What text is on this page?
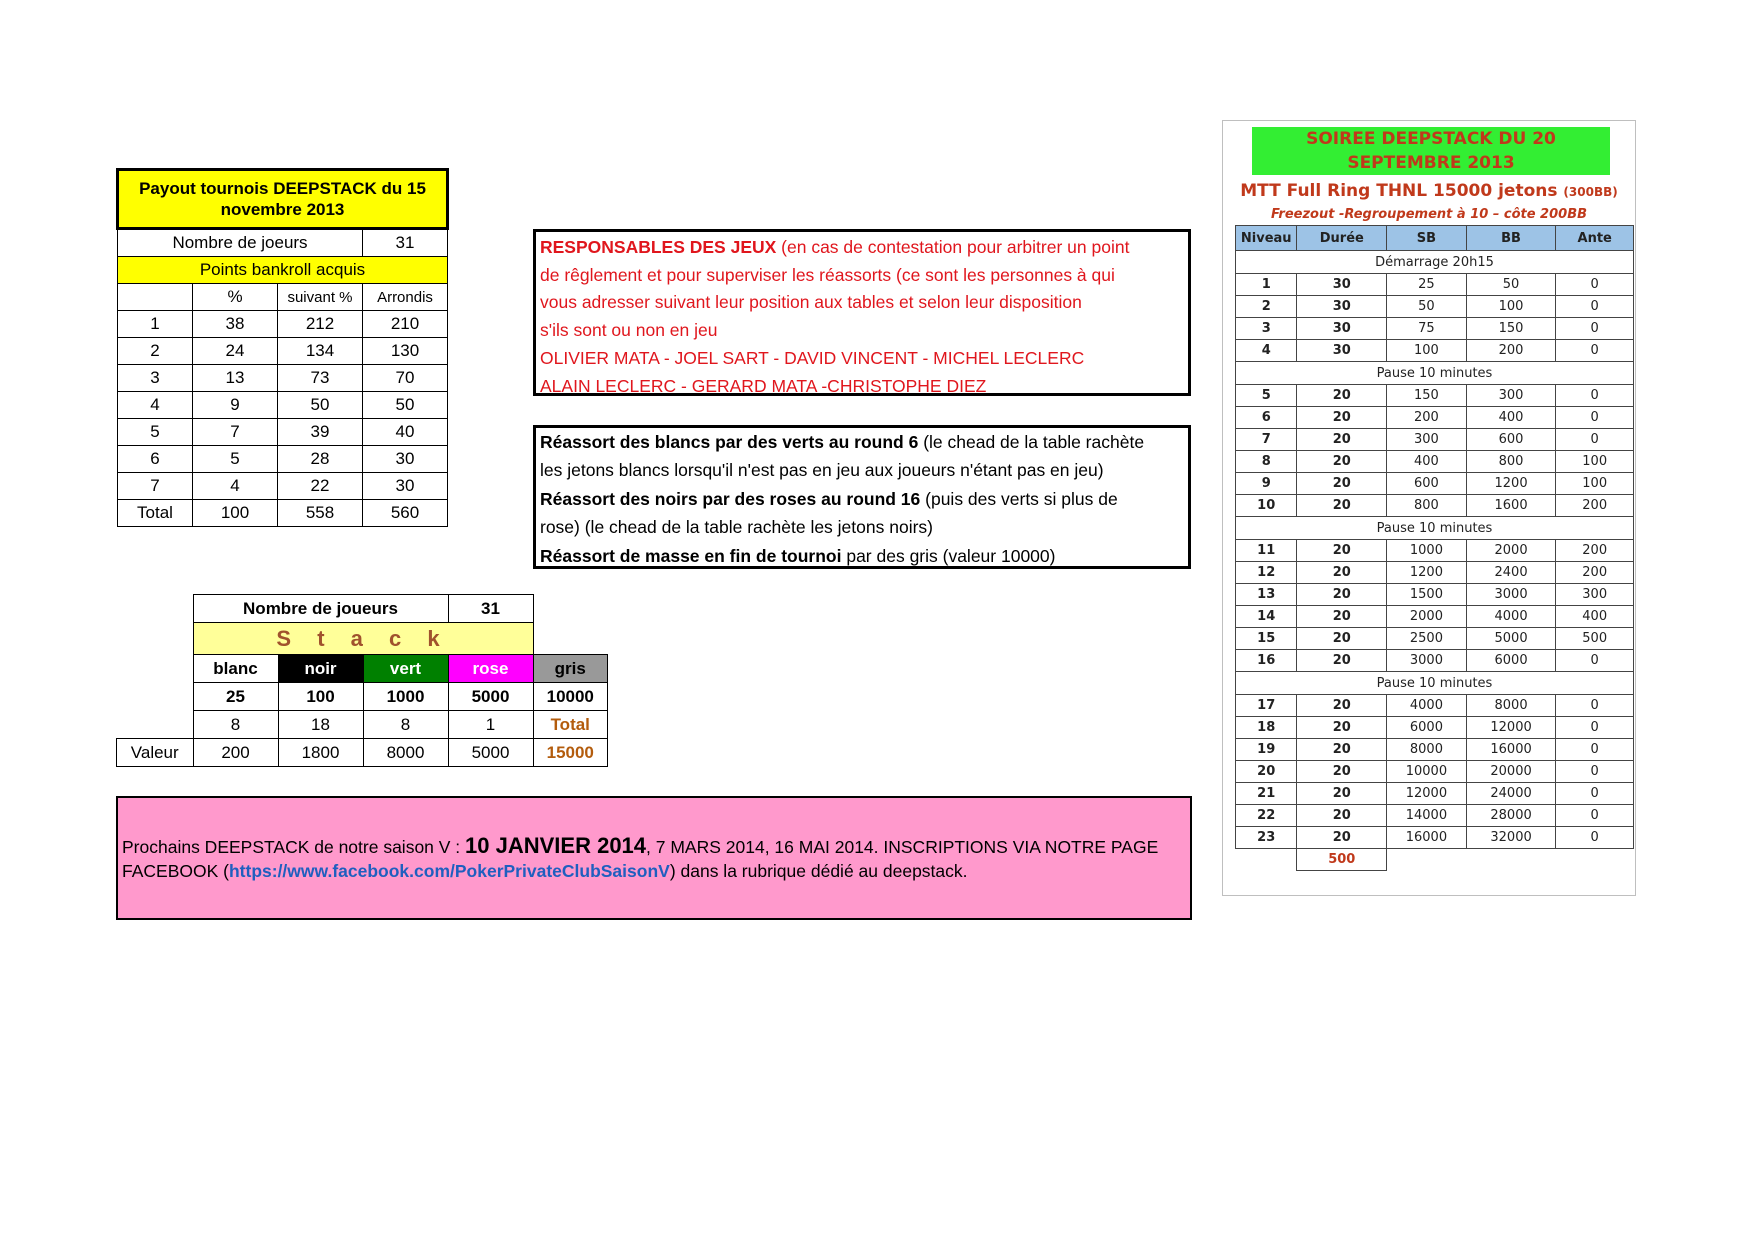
Payout tournois DEEPSTACK du 15 novembre 2013			
Nombre de joeurs			31
Points bankroll acquis			
	%	suivant %	Arrondis
1	38	212	210
2	24	134	130
3	13	73	70
4	9	50	50
5	7	39	40
6	5	28	30
7	4	22	30
Total	100	558	560
RESPONSABLES DES JEUX (en cas de contestation pour arbitrer un point
de rêglement et pour superviser les réassorts (ce sont les personnes à qui
vous adresser suivant leur position aux tables et selon leur disposition
s'ils sont ou non en jeu
OLIVIER MATA - JOEL SART - DAVID VINCENT - MICHEL LECLERC
ALAIN LECLERC - GERARD MATA -CHRISTOPHE DIEZ
Réassort des blancs par des verts au round 6 (le chead de la table rachète
les jetons blancs lorsqu'il n'est pas en jeu aux joueurs n'étant pas en jeu)
Réassort des noirs par des roses au round 16 (puis des verts si plus de
rose) (le chead de la table rachète les jetons noirs)
Réassort de masse en fin de tournoi par des gris (valeur 10000)
	Nombre de joueurs			31	
	S t a c k				
	blanc	noir	vert	rose	gris
	25	100	1000	5000	10000
	8	18	8	1	Total
Valeur	200	1800	8000	5000	15000
Prochains DEEPSTACK de notre saison V : 10 JANVIER 2014, 7 MARS 2014, 16 MAI 2014. INSCRIPTIONS VIA NOTRE PAGE
FACEBOOK (https://www.facebook.com/PokerPrivateClubSaisonV) dans la rubrique dédié au deepstack.
SOIREE DEEPSTACK DU 20 SEPTEMBRE 2013
MTT Full Ring THNL 15000 jetons (300BB)
Freezout -Regroupement à 10 – côte 200BB
Niveau	Durée	SB	BB	Ante
Démarrage 20h15				
1	30	25	50	0
2	30	50	100	0
3	30	75	150	0
4	30	100	200	0
Pause 10 minutes				
5	20	150	300	0
6	20	200	400	0
7	20	300	600	0
8	20	400	800	100
9	20	600	1200	100
10	20	800	1600	200
Pause 10 minutes				
11	20	1000	2000	200
12	20	1200	2400	200
13	20	1500	3000	300
14	20	2000	4000	400
15	20	2500	5000	500
16	20	3000	6000	0
Pause 10 minutes				
17	20	4000	8000	0
18	20	6000	12000	0
19	20	8000	16000	0
20	20	10000	20000	0
21	20	12000	24000	0
22	20	14000	28000	0
23	20	16000	32000	0
	500			
